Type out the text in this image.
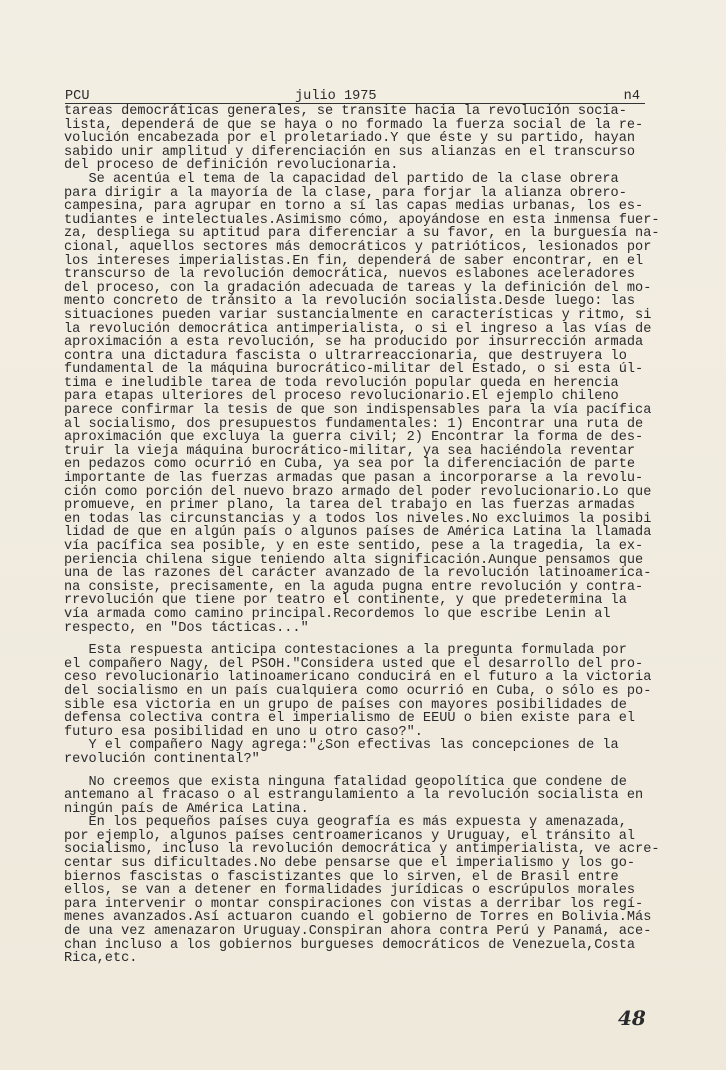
PCU	julio 1975	n4
tareas democráticas generales, se transite hacia la revolución socia-
lista, dependerá de que se haya o no formado la fuerza social de la re-
volución encabezada por el proletariado.Y que éste y su partido, hayan
sabido unir amplitud y diferenciación en sus alianzas en el transcurso
del proceso de definición revolucionaria.
Se acentúa el tema de la capacidad del partido de la clase obrera
para dirigir a la mayoría de la clase, para forjar la alianza obrero-
campesina, para agrupar en torno a sí las capas medias urbanas, los es-
tudiantes e intelectuales.Asimismo cómo, apoyándose en esta inmensa fuer-
za, despliega su aptitud para diferenciar a su favor, en la burguesía na-
cional, aquellos sectores más democráticos y patrióticos, lesionados por
los intereses imperialistas.En fin, dependerá de saber encontrar, en el
transcurso de la revolución democrática, nuevos eslabones aceleradores
del proceso, con la gradación adecuada de tareas y la definición del mo-
mento concreto de tránsito a la revolución socialista.Desde luego: las
situaciones pueden variar sustancialmente en características y ritmo, si
la revolución democrática antimperialista, o si el ingreso a las vías de
aproximación a esta revolución, se ha producido por insurrección armada
contra una dictadura fascista o ultrarreaccionaria, que destruyera lo
fundamental de la máquina burocrático-militar del Estado, o si esta úl-
tima e ineludible tarea de toda revolución popular queda en herencia
para etapas ulteriores del proceso revolucionario.El ejemplo chileno
parece confirmar la tesis de que son indispensables para la vía pacífica
al socialismo, dos presupuestos fundamentales: 1) Encontrar una ruta de
aproximación que excluya la guerra civil; 2) Encontrar la forma de des-
truir la vieja máquina burocrático-militar, ya sea haciéndola reventar
en pedazos como ocurrió en Cuba, ya sea por la diferenciación de parte
importante de las fuerzas armadas que pasan a incorporarse a la revolu-
ción como porción del nuevo brazo armado del poder revolucionario.Lo que
promueve, en primer plano, la tarea del trabajo en las fuerzas armadas
en todas las circunstancias y a todos los niveles.No excluimos la posibi
lidad de que en algún país o algunos países de América Latina la llamada
vía pacífica sea posible, y en este sentido, pese a la tragedia, la ex-
periencia chilena sigue teniendo alta significación.Aunque pensamos que
una de las razones del carácter avanzado de la revolución latinoamerica-
na consiste, precisamente, en la aguda pugna entre revolución y contra-
rrevolución que tiene por teatro el continente, y que predetermina la
vía armada como camino principal.Recordemos lo que escribe Lenin al
respecto, en "Dos tácticas..."
Esta respuesta anticipa contestaciones a la pregunta formulada por
el compañero Nagy, del PSOH."Considera usted que el desarrollo del pro-
ceso revolucionario latinoamericano conducirá en el futuro a la victoria
del socialismo en un país cualquiera como ocurrió en Cuba, o sólo es po-
sible esa victoria en un grupo de países con mayores posibilidades de
defensa colectiva contra el imperialismo de EEUU o bien existe para el
futuro esa posibilidad en uno u otro caso?".
Y el compañero Nagy agrega:"¿Son efectivas las concepciones de la
revolución continental?"
No creemos que exista ninguna fatalidad geopolítica que condene de
antemano al fracaso o al estrangulamiento a la revolución socialista en
ningún país de América Latina.
En los pequeños países cuya geografía es más expuesta y amenazada,
por ejemplo, algunos países centroamericanos y Uruguay, el tránsito al
socialismo, incluso la revolución democrática y antimperialista, ve acre-
centar sus dificultades.No debe pensarse que el imperialismo y los go-
biernos fascistas o fascistizantes que lo sirven, el de Brasil entre
ellos, se van a detener en formalidades jurídicas o escrúpulos morales
para intervenir o montar conspiraciones con vistas a derribar los regí-
menes avanzados.Así actuaron cuando el gobierno de Torres en Bolivia.Más
de una vez amenazaron Uruguay.Conspiran ahora contra Perú y Panamá, ace-
chan incluso a los gobiernos burgueses democráticos de Venezuela,Costa
Rica,etc.
48
